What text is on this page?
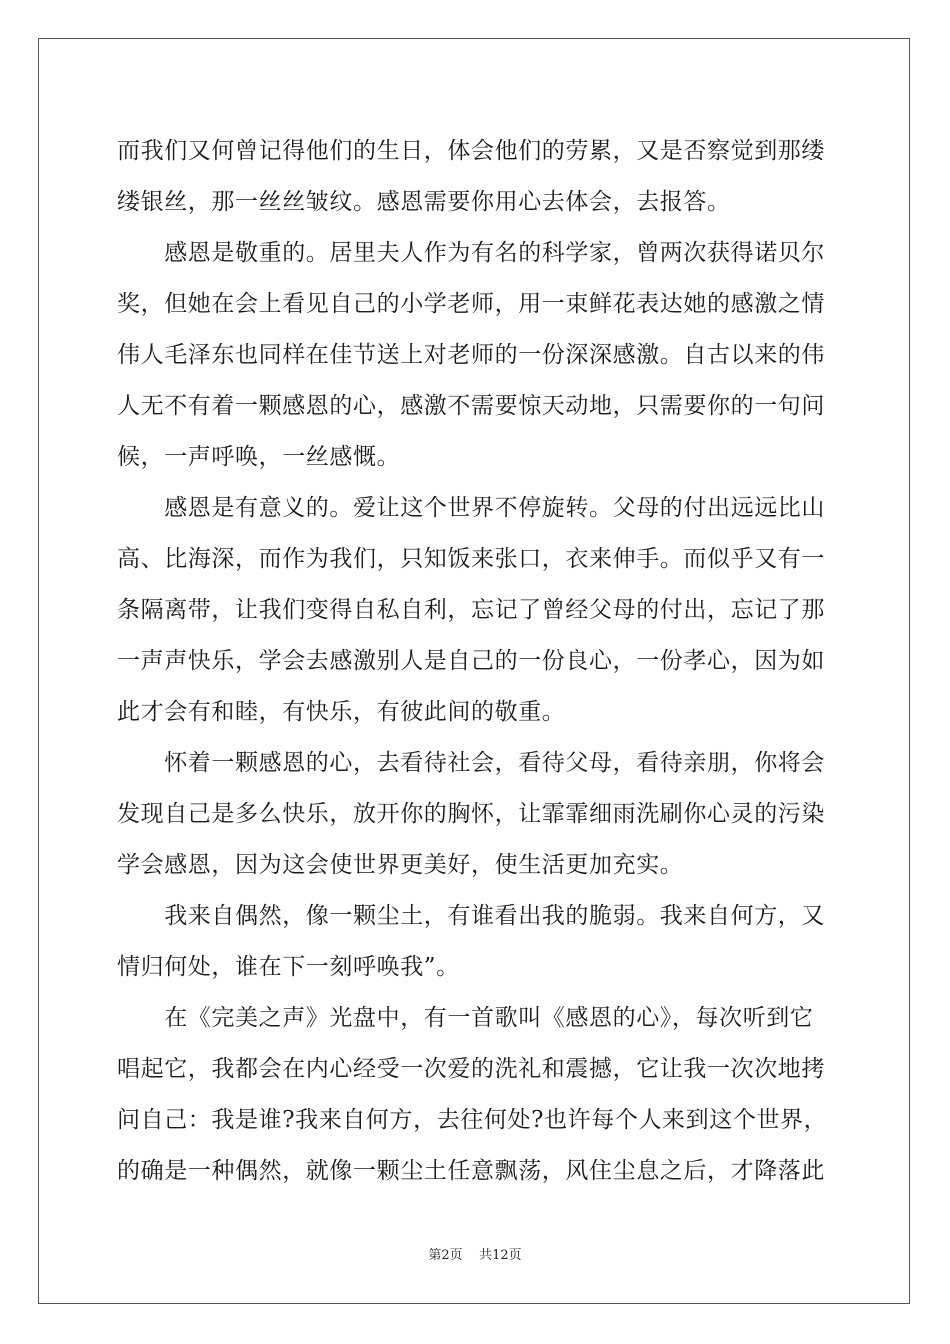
而我们又何曾记得他们的生日，体会他们的劳累，又是否察觉到那缕
缕银丝，那一丝丝皱纹。感恩需要你用心去体会，去报答。
　　感恩是敬重的。居里夫人作为有名的科学家，曾两次获得诺贝尔
奖，但她在会上看见自己的小学老师，用一束鲜花表达她的感激之情
伟人毛泽东也同样在佳节送上对老师的一份深深感激。自古以来的伟
人无不有着一颗感恩的心，感激不需要惊天动地，只需要你的一句问
候，一声呼唤，一丝感慨。
　　感恩是有意义的。爱让这个世界不停旋转。父母的付出远远比山
高、比海深，而作为我们，只知饭来张口，衣来伸手。而似乎又有一
条隔离带，让我们变得自私自利，忘记了曾经父母的付出，忘记了那
一声声快乐，学会去感激别人是自己的一份良心，一份孝心，因为如
此才会有和睦，有快乐，有彼此间的敬重。
　　怀着一颗感恩的心，去看待社会，看待父母，看待亲朋，你将会
发现自己是多么快乐，放开你的胸怀，让霏霏细雨洗刷你心灵的污染
学会感恩，因为这会使世界更美好，使生活更加充实。
　　我来自偶然，像一颗尘土，有谁看出我的脆弱。我来自何方，又
情归何处，谁在下一刻呼唤我”。
　　在《完美之声》光盘中，有一首歌叫《感恩的心》，每次听到它
唱起它，我都会在内心经受一次爱的洗礼和震撼，它让我一次次地拷
问自己：我是谁?我来自何方，去往何处?也许每个人来到这个世界，
的确是一种偶然，就像一颗尘土任意飘荡，风住尘息之后，才降落此
第2页 共12页
